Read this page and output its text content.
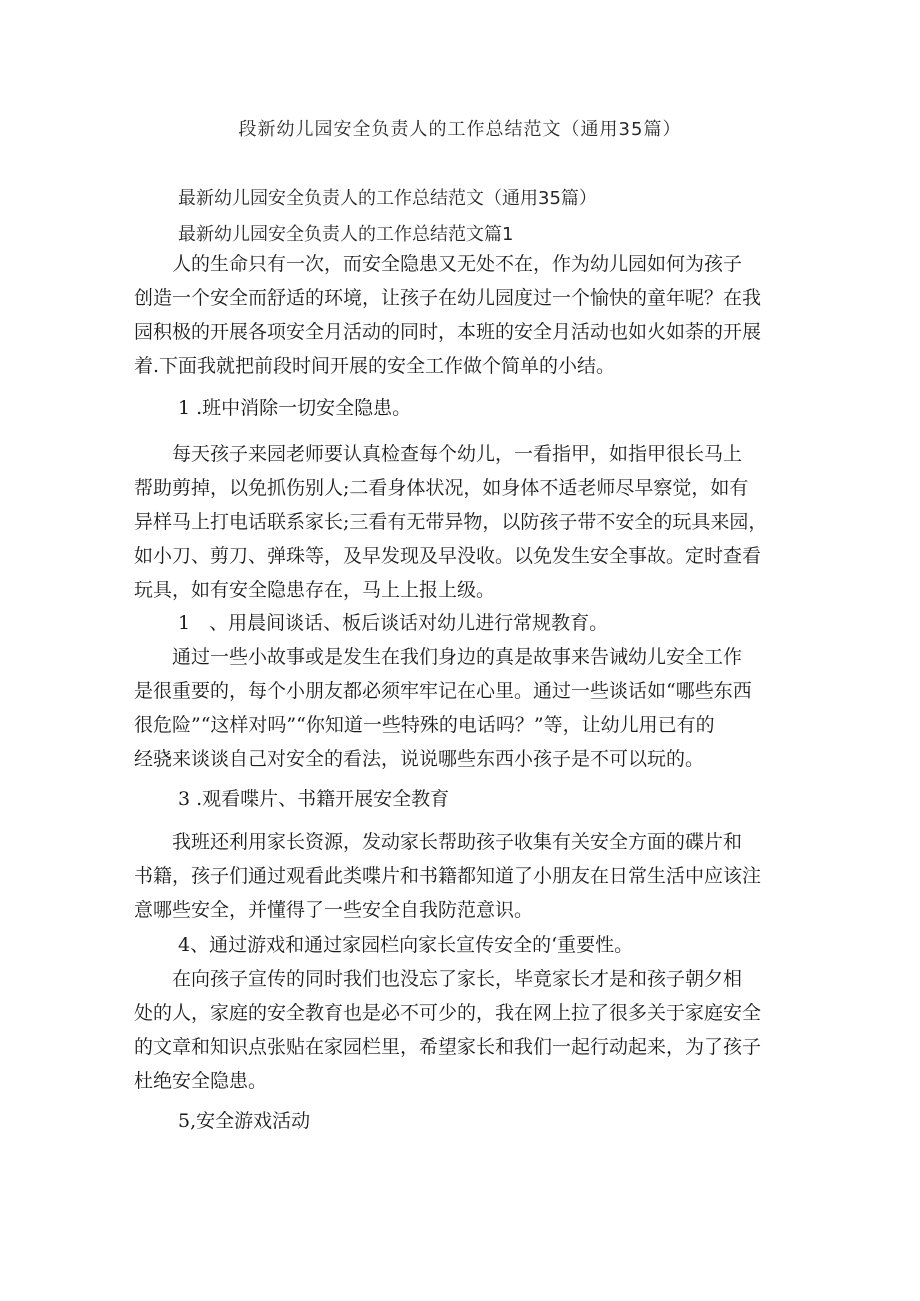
段新幼儿园安全负责人的工作总结范文（通用35篇）

最新幼儿园安全负责人的工作总结范文（通用35篇）

最新幼儿园安全负责人的工作总结范文篇1

　　人的生命只有一次，而安全隐患又无处不在，作为幼儿园如何为孩子
创造一个安全而舒适的环境，让孩子在幼儿园度过一个愉快的童年呢？在我
园积极的开展各项安全月活动的同时，本班的安全月活动也如火如荼的开展
着.下面我就把前段时间开展的安全工作做个简单的小结。

1 .班中消除一切安全隐患。

　　每天孩子来园老师要认真检查每个幼儿，一看指甲，如指甲很长马上
帮助剪掉，以免抓伤别人;二看身体状况，如身体不适老师尽早察觉，如有
异样马上打电话联系家长;三看有无带异物，以防孩子带不安全的玩具来园，
如小刀、剪刀、弹珠等，及早发现及早没收。以免发生安全事故。定时查看
玩具，如有安全隐患存在，马上上报上级。

1　、用晨间谈话、板后谈话对幼儿进行常规教育。

　　通过一些小故事或是发生在我们身边的真是故事来告诫幼儿安全工作
是很重要的，每个小朋友都必须牢牢记在心里。通过一些谈话如“哪些东西
很危险”“这样对吗”“你知道一些特殊的电话吗？”等，让幼儿用已有的
经骁来谈谈自己对安全的看法，说说哪些东西小孩子是不可以玩的。

3 .观看喋片、书籍开展安全教育

　　我班还利用家长资源，发动家长帮助孩子收集有关安全方面的碟片和
书籍，孩子们通过观看此类喋片和书籍都知道了小朋友在日常生活中应该注
意哪些安全，并懂得了一些安全自我防范意识。

4、通过游戏和通过家园栏向家长宣传安全的‘重要性。

　　在向孩子宣传的同时我们也没忘了家长，毕竟家长才是和孩子朝夕相
处的人，家庭的安全教育也是必不可少的，我在网上拉了很多关于家庭安全
的文章和知识点张贴在家园栏里，希望家长和我们一起行动起来，为了孩子
杜绝安全隐患。

5,安全游戏活动
